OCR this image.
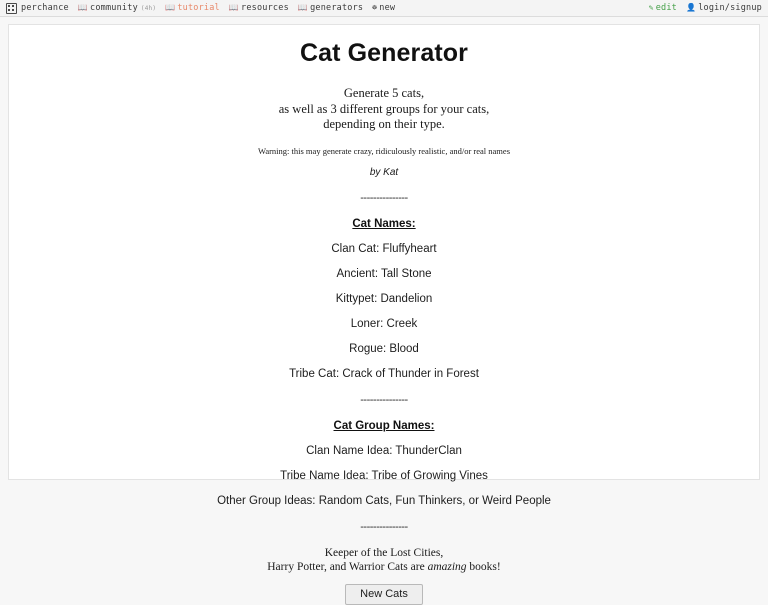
perchance 📖 community (4h) 📖 tutorial 📖 resources 📖 generators ☸ new	✎ edit 👤 login/signup
Cat Generator
Generate 5 cats,
as well as 3 different groups for your cats,
depending on their type.
Warning: this may generate crazy, ridiculously realistic, and/or real names
by Kat
---------------
Cat Names:
Clan Cat: Fluffyheart
Ancient: Tall Stone
Kittypet: Dandelion
Loner: Creek
Rogue: Blood
Tribe Cat: Crack of Thunder in Forest
---------------
Cat Group Names:
Clan Name Idea: ThunderClan
Tribe Name Idea: Tribe of Growing Vines
Other Group Ideas: Random Cats, Fun Thinkers, or Weird People
---------------
Keeper of the Lost Cities,
Harry Potter, and Warrior Cats are amazing books!
New Cats
